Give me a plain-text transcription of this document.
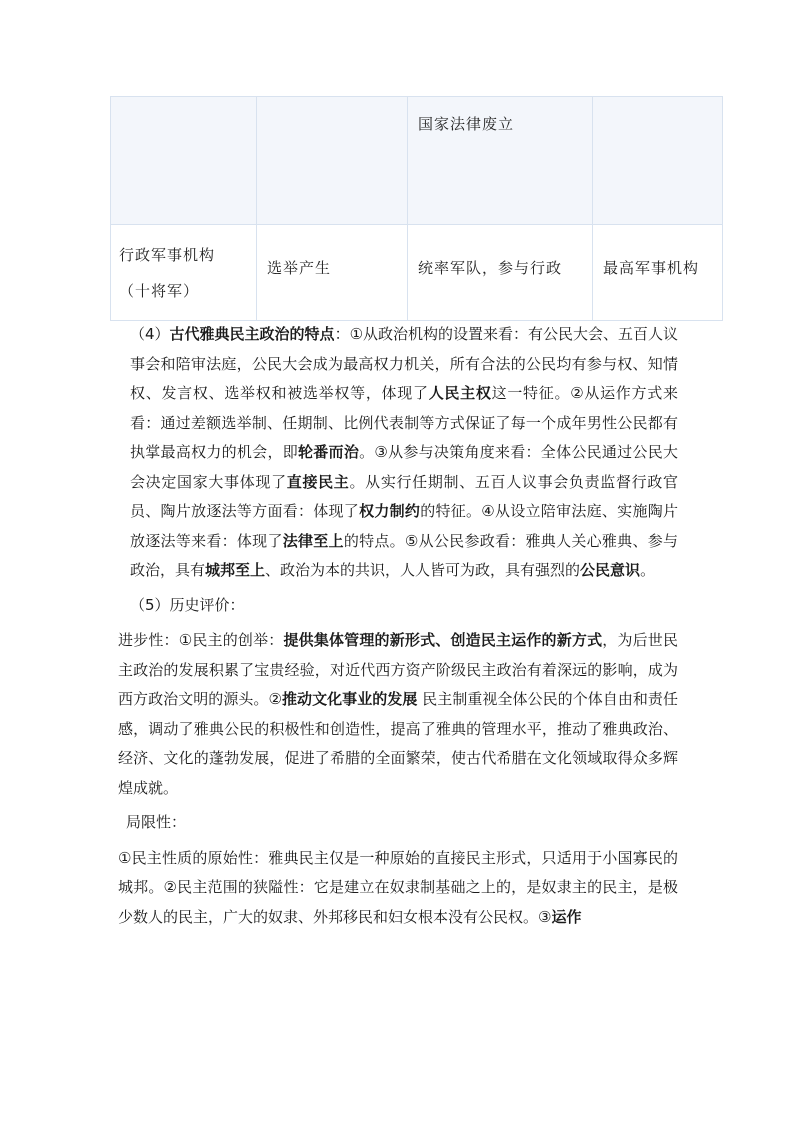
		国家法律废立	

行政军事机构
（十将军）	选举产生	统率军队，参与行政	最高军事机构

（4）古代雅典民主政治的特点：①从政治机构的设置来看：有公民大会、五百人议事会和陪审法庭，公民大会成为最高权力机关，所有合法的公民均有参与权、知情权、发言权、选举权和被选举权等，体现了人民主权这一特征。②从运作方式来看：通过差额选举制、任期制、比例代表制等方式保证了每一个成年男性公民都有执掌最高权力的机会，即轮番而治。③从参与决策角度来看：全体公民通过公民大会决定国家大事体现了直接民主。从实行任期制、五百人议事会负责监督行政官员、陶片放逐法等方面看：体现了权力制约的特征。④从设立陪审法庭、实施陶片放逐法等来看：体现了法律至上的特点。⑤从公民参政看：雅典人关心雅典、参与政治，具有城邦至上、政治为本的共识，人人皆可为政，具有强烈的公民意识。

（5）历史评价：

进步性：①民主的创举：提供集体管理的新形式、创造民主运作的新方式，为后世民主政治的发展积累了宝贵经验，对近代西方资产阶级民主政治有着深远的影响，成为西方政治文明的源头。②推动文化事业的发展 民主制重视全体公民的个体自由和责任感，调动了雅典公民的积极性和创造性，提高了雅典的管理水平，推动了雅典政治、经济、文化的蓬勃发展，促进了希腊的全面繁荣，使古代希腊在文化领域取得众多辉煌成就。

局限性：

①民主性质的原始性：雅典民主仅是一种原始的直接民主形式，只适用于小国寡民的城邦。②民主范围的狭隘性：它是建立在奴隶制基础之上的，是奴隶主的民主，是极少数人的民主，广大的奴隶、外邦移民和妇女根本没有公民权。③运作
